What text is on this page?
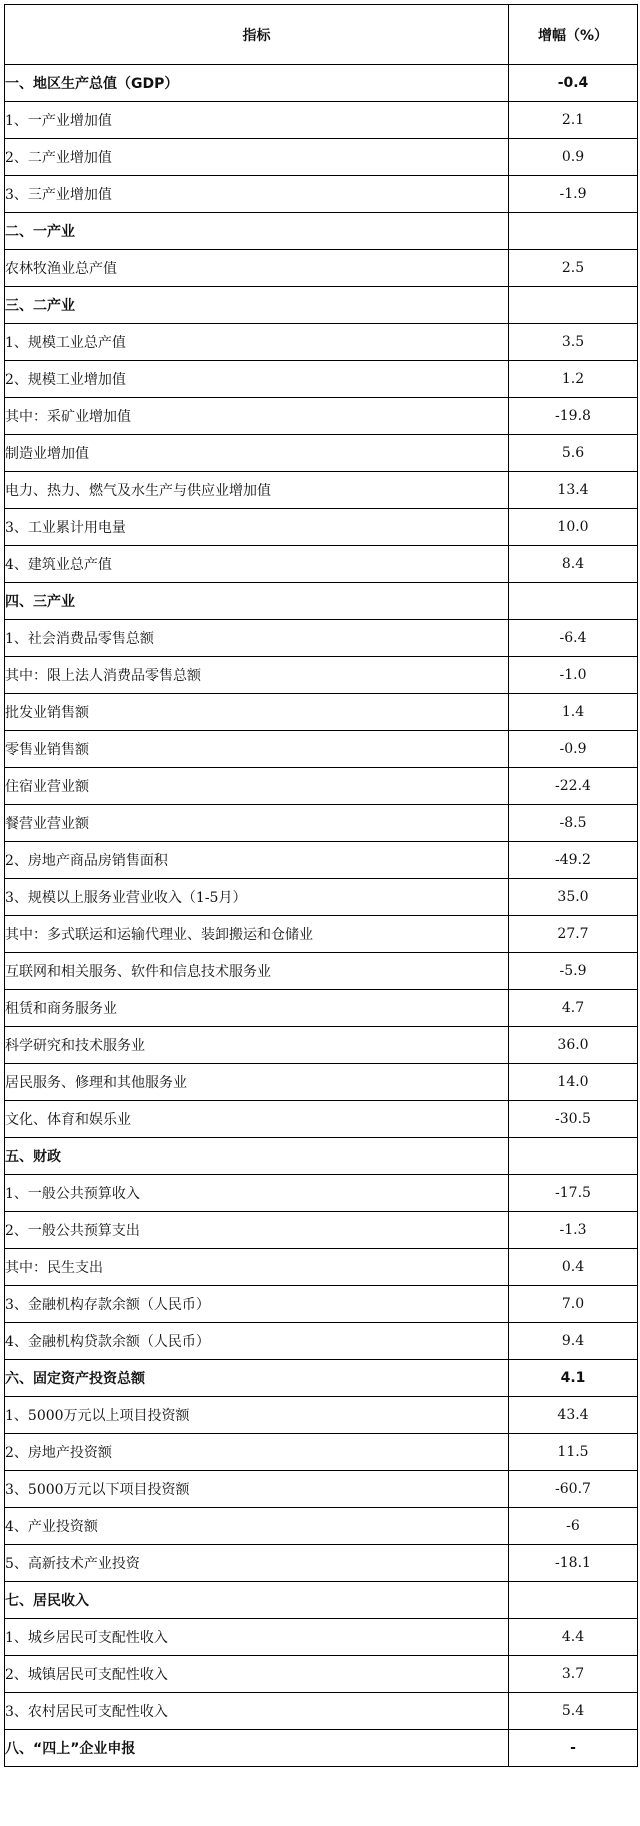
指标	增幅（%）
一、地区生产总值（GDP）	-0.4
1、一产业增加值	2.1
2、二产业增加值	0.9
3、三产业增加值	-1.9
二、一产业	
农林牧渔业总产值	2.5
三、二产业	
1、规模工业总产值	3.5
2、规模工业增加值	1.2
其中：采矿业增加值	-19.8
制造业增加值	5.6
电力、热力、燃气及水生产与供应业增加值	13.4
3、工业累计用电量	10.0
4、建筑业总产值	8.4
四、三产业	
1、社会消费品零售总额	-6.4
其中：限上法人消费品零售总额	-1.0
批发业销售额	1.4
零售业销售额	-0.9
住宿业营业额	-22.4
餐营业营业额	-8.5
2、房地产商品房销售面积	-49.2
3、规模以上服务业营业收入（1-5月）	35.0
其中：多式联运和运输代理业、装卸搬运和仓储业	27.7
互联网和相关服务、软件和信息技术服务业	-5.9
租赁和商务服务业	4.7
科学研究和技术服务业	36.0
居民服务、修理和其他服务业	14.0
文化、体育和娱乐业	-30.5
五、财政	
1、一般公共预算收入	-17.5
2、一般公共预算支出	-1.3
其中：民生支出	0.4
3、金融机构存款余额（人民币）	7.0
4、金融机构贷款余额（人民币）	9.4
六、固定资产投资总额	4.1
1、5000万元以上项目投资额	43.4
2、房地产投资额	11.5
3、5000万元以下项目投资额	-60.7
4、产业投资额	-6
5、高新技术产业投资	-18.1
七、居民收入	
1、城乡居民可支配性收入	4.4
2、城镇居民可支配性收入	3.7
3、农村居民可支配性收入	5.4
八、“四上”企业申报	-
